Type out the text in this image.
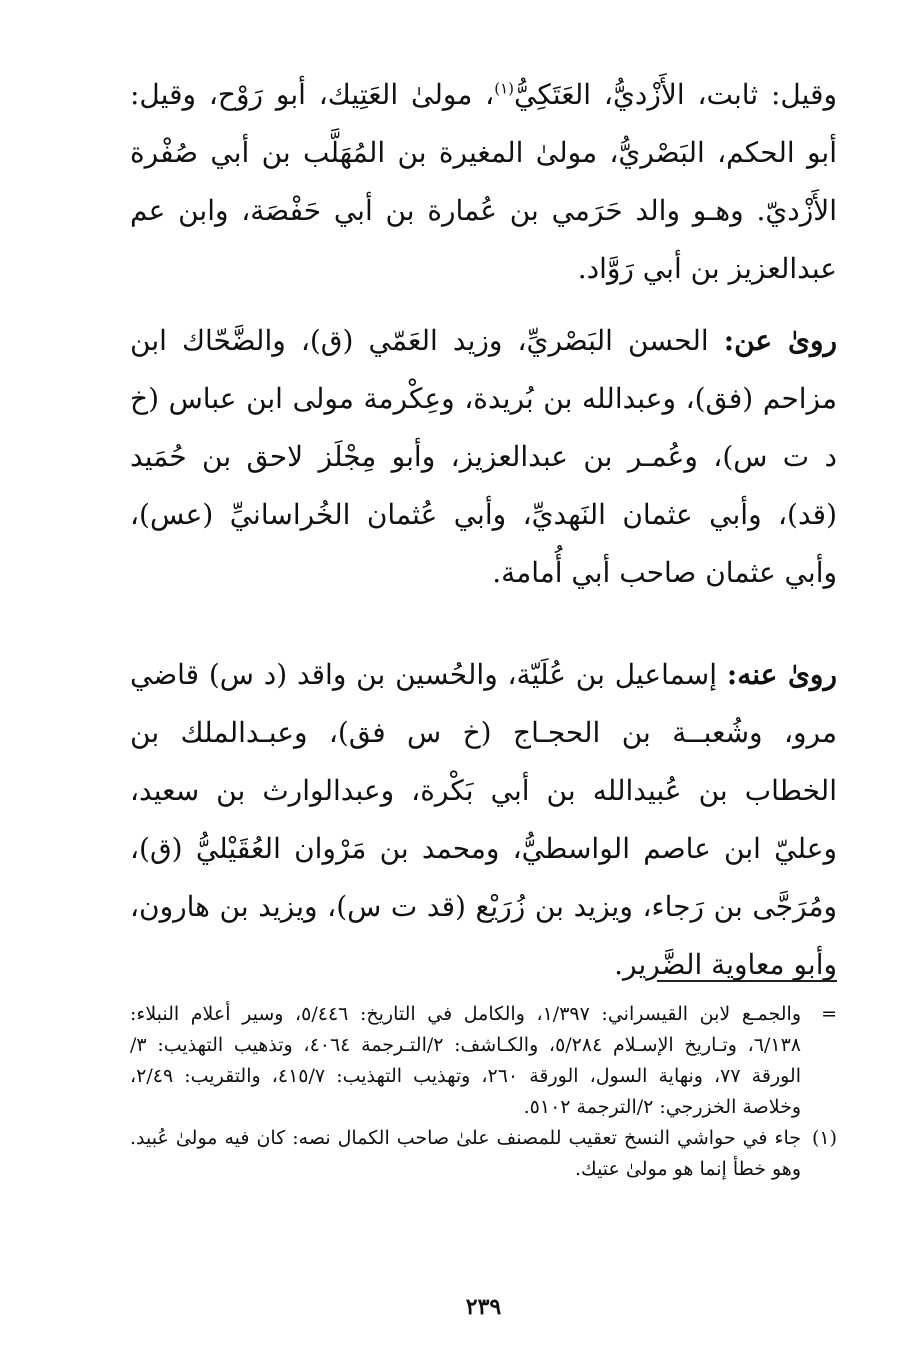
وقيل: ثابت، الأَزْديُّ، العَتَكِيُّ$^{(١)}$، مولىٰ العَتِيك، أبو رَوْح، وقيل: أبو الحكم، البَصْريُّ، مولىٰ المغيرة بن المُهَلَّب بن أبي صُفْرة الأَزْديّ. وهـو والد حَرَمي بن عُمارة بن أبي حَفْصَة، وابن عم عبدالعزيز بن أبي رَوَّاد.

روىٰ عن: الحسن البَصْريِّ، وزيد العَمّي (ق)، والضَّحّاك ابن مزاحم (فق)، وعبدالله بن بُريدة، وعِكْرمة مولى ابن عباس (خ د ت س)، وعُمـر بن عبدالعزيز، وأبو مِجْلَز لاحق بن حُمَيد (قد)، وأبي عثمان النَهديِّ، وأبي عُثمان الخُراسانيِّ (عس)، وأبي عثمان صاحب أبي أُمامة.

روىٰ عنه: إسماعيل بن عُلَيّة، والحُسين بن واقد (د س) قاضي مرو، وشُعبــة بن الحجـاج (خ س فق)، وعبـدالملك بن الخطاب بن عُبيدالله بن أبي بَكْرة، وعبدالوارث بن سعيد، وعليّ ابن عاصم الواسطيُّ، ومحمد بن مَرْوان العُقَيْليُّ (ق)، ومُرَجَّى بن رَجاء، ويزيد بن زُرَيْع (قد ت س)، ويزيد بن هارون، وأبو معاوية الضَّرير.

=

والجمـع لابن القيسراني: ١/٣٩٧، والكامل في التاريخ: ٥/٤٤٦، وسير أعلام النبلاء: ٦/١٣٨، وتـاريخ الإسـلام ٥/٢٨٤، والكـاشف: ٢/التـرجمة ٤٠٦٤، وتذهيب التهذيب: ٣/الورقة ٧٧، ونهاية السول، الورقة ٢٦٠، وتهذيب التهذيب: ٤١٥/٧، والتقريب: ٢/٤٩، وخلاصة الخزرجي: ٢/الترجمة ٥١٠٢.

(١)

جاء في حواشي النسخ تعقيب للمصنف علىٰ صاحب الكمال نصه: كان فيه مولىٰ عُبيد. وهو خطأ إنما هو مولىٰ عتيك.

٢٣٩
